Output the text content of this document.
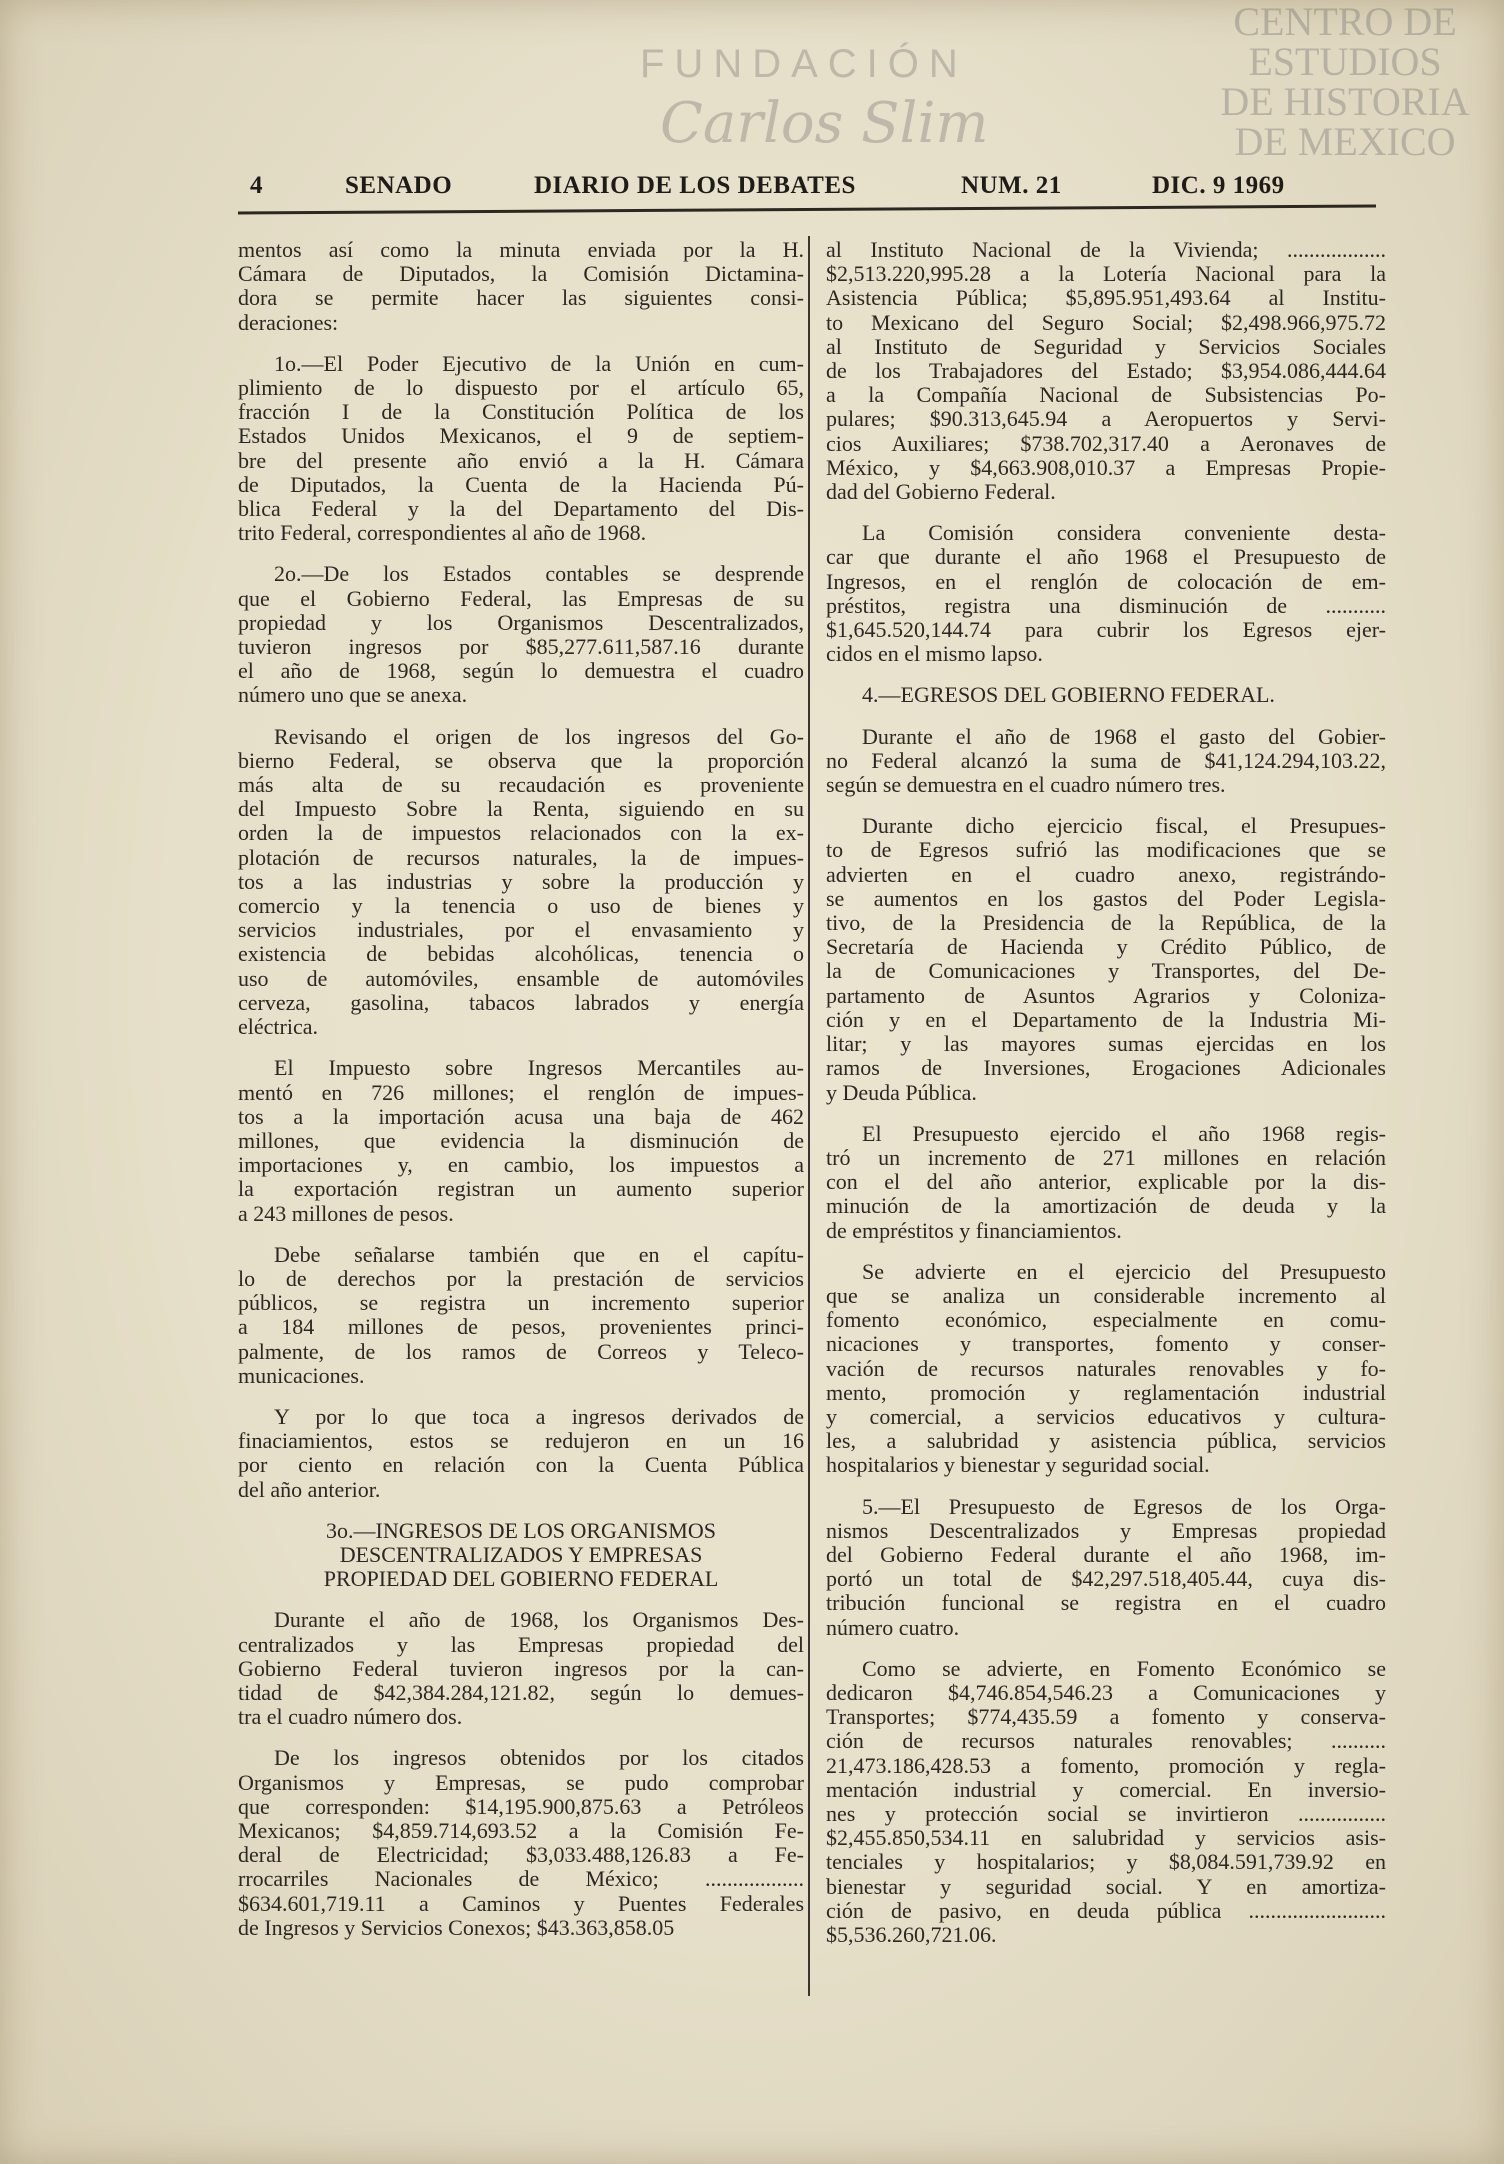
CENTRO DE
ESTUDIOS
DE HISTORIA
DE MEXICO
FUNDACIÓN
Carlos Slim
4	SENADO	DIARIO DE LOS DEBATES	NUM. 21	DIC. 9 1969
mentos así como la minuta enviada por la H.
Cámara de Diputados, la Comisión Dictamina-
dora se permite hacer las siguientes consi-
deraciones:
1o.—El Poder Ejecutivo de la Unión en cum-
plimiento de lo dispuesto por el artículo 65,
fracción I de la Constitución Política de los
Estados Unidos Mexicanos, el 9 de septiem-
bre del presente año envió a la H. Cámara
de Diputados, la Cuenta de la Hacienda Pú-
blica Federal y la del Departamento del Dis-
trito Federal, correspondientes al año de 1968.
2o.—De los Estados contables se desprende
que el Gobierno Federal, las Empresas de su
propiedad y los Organismos Descentralizados,
tuvieron ingresos por $85,277.611,587.16 durante
el año de 1968, según lo demuestra el cuadro
número uno que se anexa.
Revisando el origen de los ingresos del Go-
bierno Federal, se observa que la proporción
más alta de su recaudación es proveniente
del Impuesto Sobre la Renta, siguiendo en su
orden la de impuestos relacionados con la ex-
plotación de recursos naturales, la de impues-
tos a las industrias y sobre la producción y
comercio y la tenencia o uso de bienes y
servicios industriales, por el envasamiento y
existencia de bebidas alcohólicas, tenencia o
uso de automóviles, ensamble de automóviles
cerveza, gasolina, tabacos labrados y energía
eléctrica.
El Impuesto sobre Ingresos Mercantiles au-
mentó en 726 millones; el renglón de impues-
tos a la importación acusa una baja de 462
millones, que evidencia la disminución de
importaciones y, en cambio, los impuestos a
la exportación registran un aumento superior
a 243 millones de pesos.
Debe señalarse también que en el capítu-
lo de derechos por la prestación de servicios
públicos, se registra un incremento superior
a 184 millones de pesos, provenientes princi-
palmente, de los ramos de Correos y Teleco-
municaciones.
Y por lo que toca a ingresos derivados de
finaciamientos, estos se redujeron en un 16
por ciento en relación con la Cuenta Pública
del año anterior.
3o.—INGRESOS DE LOS ORGANISMOS
DESCENTRALIZADOS Y EMPRESAS
PROPIEDAD DEL GOBIERNO FEDERAL
Durante el año de 1968, los Organismos Des-
centralizados y las Empresas propiedad del
Gobierno Federal tuvieron ingresos por la can-
tidad de $42,384.284,121.82, según lo demues-
tra el cuadro número dos.
De los ingresos obtenidos por los citados
Organismos y Empresas, se pudo comprobar
que corresponden: $14,195.900,875.63 a Petróleos
Mexicanos; $4,859.714,693.52 a la Comisión Fe-
deral de Electricidad; $3,033.488,126.83 a Fe-
rrocarriles Nacionales de México; ..................
$634.601,719.11 a Caminos y Puentes Federales
de Ingresos y Servicios Conexos; $43.363,858.05
al Instituto Nacional de la Vivienda; ..................
$2,513.220,995.28 a la Lotería Nacional para la
Asistencia Pública; $5,895.951,493.64 al Institu-
to Mexicano del Seguro Social; $2,498.966,975.72
al Instituto de Seguridad y Servicios Sociales
de los Trabajadores del Estado; $3,954.086,444.64
a la Compañía Nacional de Subsistencias Po-
pulares; $90.313,645.94 a Aeropuertos y Servi-
cios Auxiliares; $738.702,317.40 a Aeronaves de
México, y $4,663.908,010.37 a Empresas Propie-
dad del Gobierno Federal.
La Comisión considera conveniente desta-
car que durante el año 1968 el Presupuesto de
Ingresos, en el renglón de colocación de em-
préstitos, registra una disminución de ...........
$1,645.520,144.74 para cubrir los Egresos ejer-
cidos en el mismo lapso.
4.—EGRESOS DEL GOBIERNO FEDERAL.
Durante el año de 1968 el gasto del Gobier-
no Federal alcanzó la suma de $41,124.294,103.22,
según se demuestra en el cuadro número tres.
Durante dicho ejercicio fiscal, el Presupues-
to de Egresos sufrió las modificaciones que se
advierten en el cuadro anexo, registrándo-
se aumentos en los gastos del Poder Legisla-
tivo, de la Presidencia de la República, de la
Secretaría de Hacienda y Crédito Público, de
la de Comunicaciones y Transportes, del De-
partamento de Asuntos Agrarios y Coloniza-
ción y en el Departamento de la Industria Mi-
litar; y las mayores sumas ejercidas en los
ramos de Inversiones, Erogaciones Adicionales
y Deuda Pública.
El Presupuesto ejercido el año 1968 regis-
tró un incremento de 271 millones en relación
con el del año anterior, explicable por la dis-
minución de la amortización de deuda y la
de empréstitos y financiamientos.
Se advierte en el ejercicio del Presupuesto
que se analiza un considerable incremento al
fomento económico, especialmente en comu-
nicaciones y transportes, fomento y conser-
vación de recursos naturales renovables y fo-
mento, promoción y reglamentación industrial
y comercial, a servicios educativos y cultura-
les, a salubridad y asistencia pública, servicios
hospitalarios y bienestar y seguridad social.
5.—El Presupuesto de Egresos de los Orga-
nismos Descentralizados y Empresas propiedad
del Gobierno Federal durante el año 1968, im-
portó un total de $42,297.518,405.44, cuya dis-
tribución funcional se registra en el cuadro
número cuatro.
Como se advierte, en Fomento Económico se
dedicaron $4,746.854,546.23 a Comunicaciones y
Transportes; $774,435.59 a fomento y conserva-
ción de recursos naturales renovables; ..........
21,473.186,428.53 a fomento, promoción y regla-
mentación industrial y comercial. En inversio-
nes y protección social se invirtieron ................
$2,455.850,534.11 en salubridad y servicios asis-
tenciales y hospitalarios; y $8,084.591,739.92 en
bienestar y seguridad social. Y en amortiza-
ción de pasivo, en deuda pública .........................
$5,536.260,721.06.
